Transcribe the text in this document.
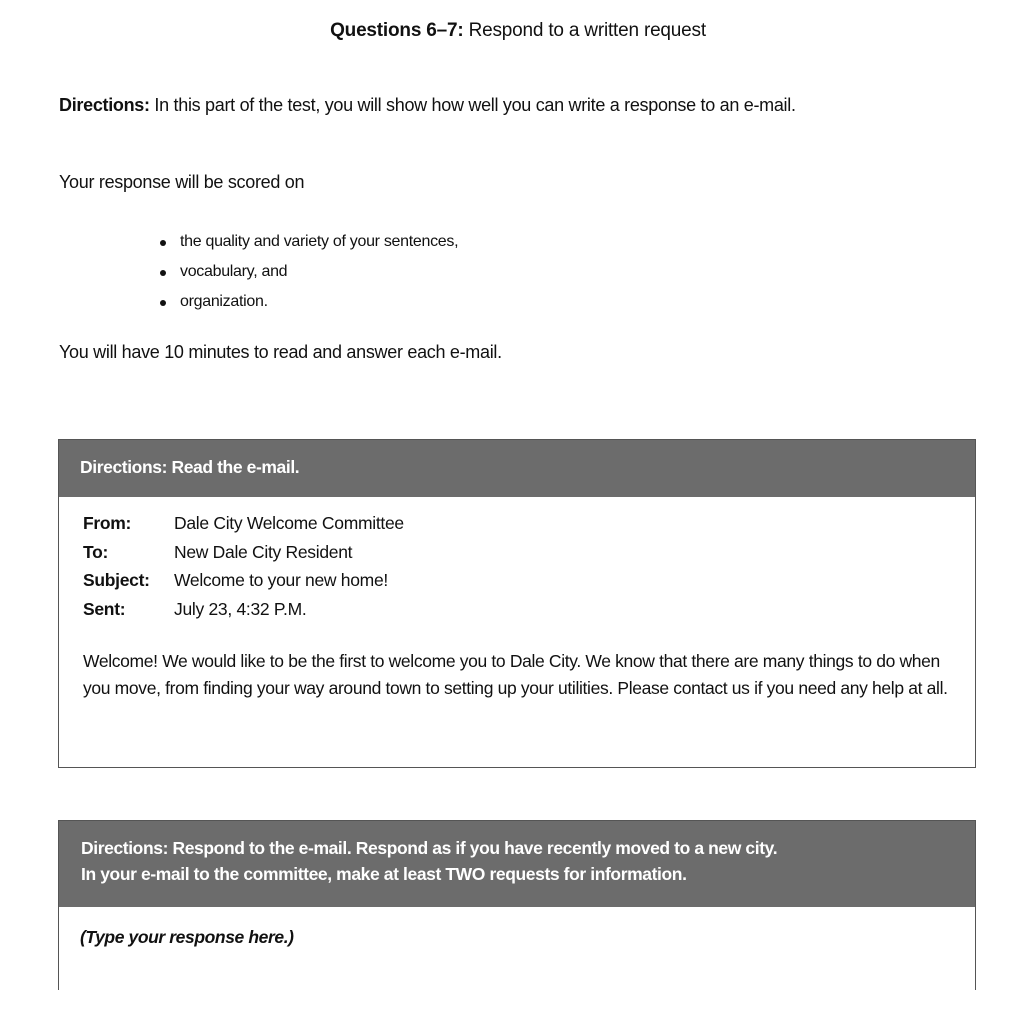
Questions 6–7: Respond to a written request
Directions: In this part of the test, you will show how well you can write a response to an e-mail.
Your response will be scored on
the quality and variety of your sentences,
vocabulary, and
organization.
You will have 10 minutes to read and answer each e-mail.
Directions: Read the e-mail.
From:	Dale City Welcome Committee
To:	New Dale City Resident
Subject:	Welcome to your new home!
Sent:	July 23, 4:32 P.M.
Welcome! We would like to be the first to welcome you to Dale City. We know that there are many things to do when you move, from finding your way around town to setting up your utilities. Please contact us if you need any help at all.
Directions: Respond to the e-mail. Respond as if you have recently moved to a new city.
In your e-mail to the committee, make at least TWO requests for information.
(Type your response here.)
